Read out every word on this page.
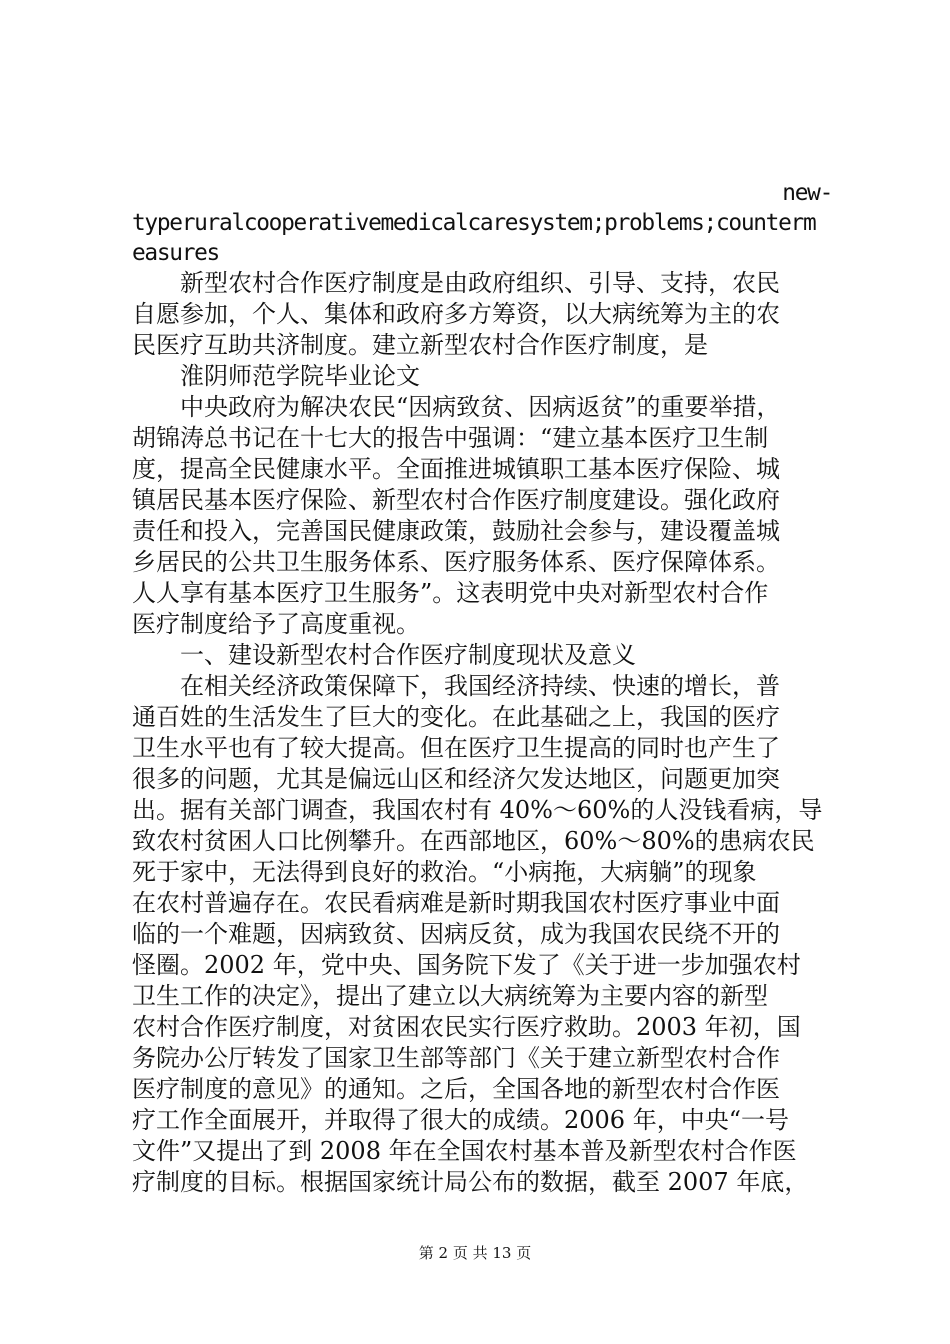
new-
typeruralcooperativemedicalcaresystem;problems;counterm
easures
新型农村合作医疗制度是由政府组织、引导、支持，农民
自愿参加，个人、集体和政府多方筹资，以大病统筹为主的农
民医疗互助共济制度。建立新型农村合作医疗制度，是
淮阴师范学院毕业论文
中央政府为解决农民“因病致贫、因病返贫”的重要举措，
胡锦涛总书记在十七大的报告中强调：“建立基本医疗卫生制
度，提高全民健康水平。全面推进城镇职工基本医疗保险、城
镇居民基本医疗保险、新型农村合作医疗制度建设。强化政府
责任和投入，完善国民健康政策，鼓励社会参与，建设覆盖城
乡居民的公共卫生服务体系、医疗服务体系、医疗保障体系。
人人享有基本医疗卫生服务”。这表明党中央对新型农村合作
医疗制度给予了高度重视。
一、建设新型农村合作医疗制度现状及意义
在相关经济政策保障下，我国经济持续、快速的增长，普
通百姓的生活发生了巨大的变化。在此基础之上，我国的医疗
卫生水平也有了较大提高。但在医疗卫生提高的同时也产生了
很多的问题，尤其是偏远山区和经济欠发达地区，问题更加突
出。据有关部门调查，我国农村有 40%～60%的人没钱看病，导
致农村贫困人口比例攀升。在西部地区，60%～80%的患病农民
死于家中，无法得到良好的救治。“小病拖，大病躺”的现象
在农村普遍存在。农民看病难是新时期我国农村医疗事业中面
临的一个难题，因病致贫、因病反贫，成为我国农民绕不开的
怪圈。2002 年，党中央、国务院下发了《关于进一步加强农村
卫生工作的决定》，提出了建立以大病统筹为主要内容的新型
农村合作医疗制度，对贫困农民实行医疗救助。2003 年初，国
务院办公厅转发了国家卫生部等部门《关于建立新型农村合作
医疗制度的意见》的通知。之后，全国各地的新型农村合作医
疗工作全面展开，并取得了很大的成绩。2006 年，中央“一号
文件”又提出了到 2008 年在全国农村基本普及新型农村合作医
疗制度的目标。根据国家统计局公布的数据，截至 2007 年底，
第 2 页 共 13 页
